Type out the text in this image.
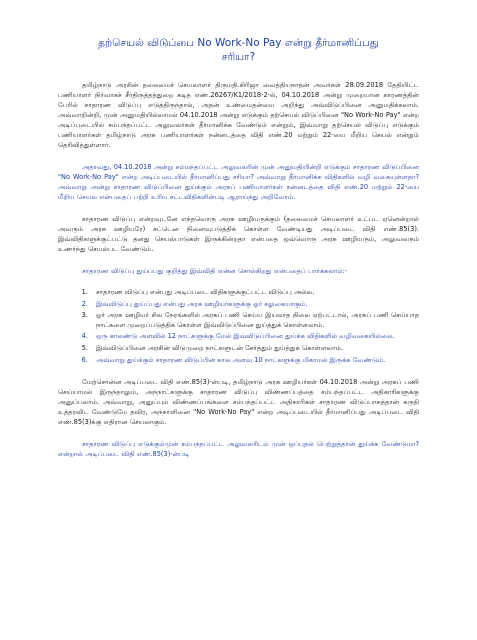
தற்செயல் விடுப்பை No Work-No Pay என்று தீர்மானிப்பது
சரியா?

தமிழ்நாடு அரசின் தலைமைச் செயலாளர் திருமதி.கிரிஜா வைத்தியநாதன் அவர்கள் 28.09.2018 தேதியிட்ட பணியாளர் நிர்வாகச் சீர்திருத்தத்துறை கடித எண்.26267/K1/2018-2-ல், 04.10.2018 அன்று முறையான காரணத்தின் பேரில் சாதாரண விடுப்பு எடுத்திருந்தால், அதன் உண்மைதன்மை அறிந்து அவ்விடுப்பினை அனுமதிக்கலாம். அவ்வாறின்றி, முன் அனுமதியில்லாமல் 04.10.2018 அன்று எடுக்கும் தற்செயல் விடுப்பினை "No Work-No Pay" என்ற அடிப்படையில் சம்பந்தப்பட்ட அலுவலர்கள் தீர்மானிக்க வேண்டும் என்றும், இவ்வாறு தற்செயல் விடுப்பு எடுக்கும் பணியாளர்கள் தமிழ்நாடு அரசு பணியாளர்கள் நன்னடத்தை விதி எண்.20 மற்றும் 22-யை மீறிய செயல் என்றும் தெரிவித்துள்ளார்.

அதாவது, 04.10.2018 அன்று சம்மந்தப்பட்ட அலுவலரின் முன் அனுமதியின்றி எடுக்கும் சாதாரண விடுப்பினை "No Work-No Pay" என்ற அடிப்படையில் தீர்மானிப்பது சரியா? அவ்வாறு தீர்மானிக்க விதிகளில் வழி வகையுள்ளதா? அவ்வாறு அன்று சாதாரண விடுப்பினை துய்க்கும் அரசுப் பணியாளர்கள் நன்னடத்தை விதி எண்.20 மற்றும் 22-யை மீறிய செயல என்பதைப் பற்றி உரிய சட்டவிதிகளின்படி ஆராய்ந்து அறிவோம்.

சாதாரண விடுப்பு என்றவுடனே எந்தவொரு அரசு ஊழியருக்கும் (தலைமைச் செயலாளர் உட்பட ஏனென்றால் அவரும் அரசு ஊழியரே) சட்டென நினைவுபடுத்திக் கொள்ள வேண்டியது அடிப்படை விதி எண்.85(3). இவ்விதிகளுக்குட்பட்டு தனது செயல்பாடுகள் இருக்கின்றதா என்பதை ஒவ்வொரு அரசு ஊழியரும், அலுவலரும் உணர்ந்து செயல்பட வேண்டும்.

சாதாரண விடுப்பு துய்ப்பது குறித்து இவ்விதி என்ன சொல்கிறது என்பதைப் பார்க்கலாம்:-

1. சாதாரண விடுப்பு என்பது அடிப்படை விதிகளுக்குட்பட்ட விடுப்பு அல்ல.
2. இவ்விடுப்பு துய்ப்பது என்பது அரசு ஊழியர்களுக்கு ஓர் சலுகையாகும்.
3. ஓர் அரசு ஊழியர் சில நேரங்களில் அரசுப் பணி செய்ய இயலாத நிலை ஏற்பட்டால், அரசுப் பணி செய்யாத நாட்களை முறைப்படுத்திக் கொள்ள இவ்விடுப்பினை துய்த்துக் கொள்ளலாம்.
4. ஒரு காலண்டு அளவில் 12 நாட்களுக்கு மேல் இவ்விடுப்பினை துய்க்க விதிகளில் வழிவகையில்லை.
5. இவ்விடுப்பினை அரசின் விடுமுறை நாட்களுடன் சேர்த்தும் துய்த்துக் கொள்ளலாம்.
6. அவ்வாறு துய்க்கும் சாதாரண விடுப்பின் கால அளவு 10 நாட்களுக்கு மிகாமல் இருக்க வேண்டும்.

மேற்சொன்ன அடிப்படை விதி எண்.85(3)-ன்படி, தமிழ்நாடு அரசு ஊழியர்கள் 04.10.2018 அன்று அரசுப் பணி செய்யாமல் இருந்தாலும், அந்நாட்களுக்கு சாதாரண விடுப்பு விண்ணப்பத்தை சம்பந்தப்பட்ட அதிகாரிகளுக்கு அனுப்பலாம். அவ்வாறு, அனுப்பும் விண்ணப்பங்களை சம்பந்தப்பட்ட அதிகாரிகள் சாதாரண விடுப்பாகத்தான் கருதி உத்தரவிட வேண்டுமே தவிர, அந்நாளினை "No Work-No Pay" என்ற அடிப்படையில் தீர்மானிப்பது அடிப்படை விதி எண்.85(3)க்கு எதிரான செயலாகும்.

சாதாரண விடுப்பு எடுக்கும்முன் சம்பந்தப்பட்ட அலுவலரிடம் முன் ஒப்புதல் பெற்றுத்தான் துய்க்க வேண்டுமா? என்றால் அடிப்படை விதி எண்.85(3)-ன்படி
